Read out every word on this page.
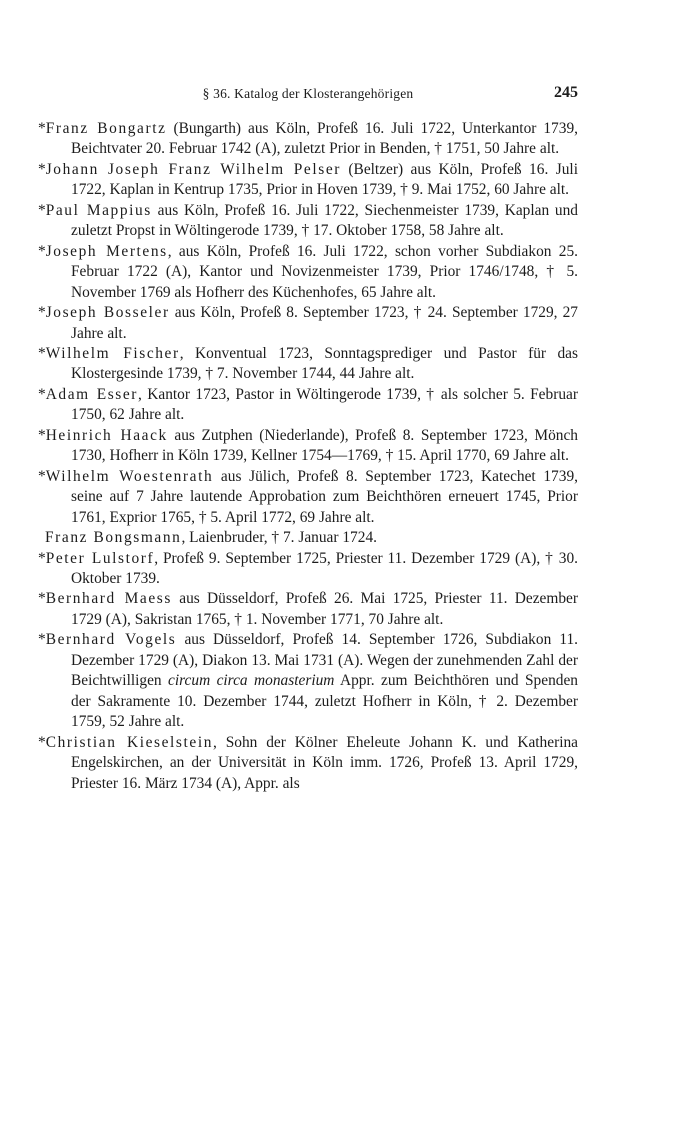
§ 36. Katalog der Klosterangehörigen	245

*Franz Bongartz (Bungarth) aus Köln, Profeß 16. Juli 1722, Unterkantor 1739, Beichtvater 20. Februar 1742 (A), zuletzt Prior in Benden, † 1751, 50 Jahre alt.

*Johann Joseph Franz Wilhelm Pelser (Beltzer) aus Köln, Profeß 16. Juli 1722, Kaplan in Kentrup 1735, Prior in Hoven 1739, † 9. Mai 1752, 60 Jahre alt.

*Paul Mappius aus Köln, Profeß 16. Juli 1722, Siechenmeister 1739, Kaplan und zuletzt Propst in Wöltingerode 1739, † 17. Oktober 1758, 58 Jahre alt.

*Joseph Mertens, aus Köln, Profeß 16. Juli 1722, schon vorher Subdiakon 25. Februar 1722 (A), Kantor und Novizenmeister 1739, Prior 1746/1748, † 5. November 1769 als Hofherr des Küchenhofes, 65 Jahre alt.

*Joseph Bosseler aus Köln, Profeß 8. September 1723, † 24. September 1729, 27 Jahre alt.

*Wilhelm Fischer, Konventual 1723, Sonntagsprediger und Pastor für das Klostergesinde 1739, † 7. November 1744, 44 Jahre alt.

*Adam Esser, Kantor 1723, Pastor in Wöltingerode 1739, † als solcher 5. Februar 1750, 62 Jahre alt.

*Heinrich Haack aus Zutphen (Niederlande), Profeß 8. September 1723, Mönch 1730, Hofherr in Köln 1739, Kellner 1754—1769, † 15. April 1770, 69 Jahre alt.

*Wilhelm Woestenrath aus Jülich, Profeß 8. September 1723, Katechet 1739, seine auf 7 Jahre lautende Approbation zum Beichthören erneuert 1745, Prior 1761, Exprior 1765, † 5. April 1772, 69 Jahre alt.

Franz Bongsmann, Laienbruder, † 7. Januar 1724.

*Peter Lulstorf, Profeß 9. September 1725, Priester 11. Dezember 1729 (A), † 30. Oktober 1739.

*Bernhard Maess aus Düsseldorf, Profeß 26. Mai 1725, Priester 11. Dezember 1729 (A), Sakristan 1765, † 1. November 1771, 70 Jahre alt.

*Bernhard Vogels aus Düsseldorf, Profeß 14. September 1726, Subdiakon 11. Dezember 1729 (A), Diakon 13. Mai 1731 (A). Wegen der zunehmenden Zahl der Beichtwilligen circum circa monasterium Appr. zum Beichthören und Spenden der Sakramente 10. Dezember 1744, zuletzt Hofherr in Köln, † 2. Dezember 1759, 52 Jahre alt.

*Christian Kieselstein, Sohn der Kölner Eheleute Johann K. und Katherina Engelskirchen, an der Universität in Köln imm. 1726, Profeß 13. April 1729, Priester 16. März 1734 (A), Appr. als
